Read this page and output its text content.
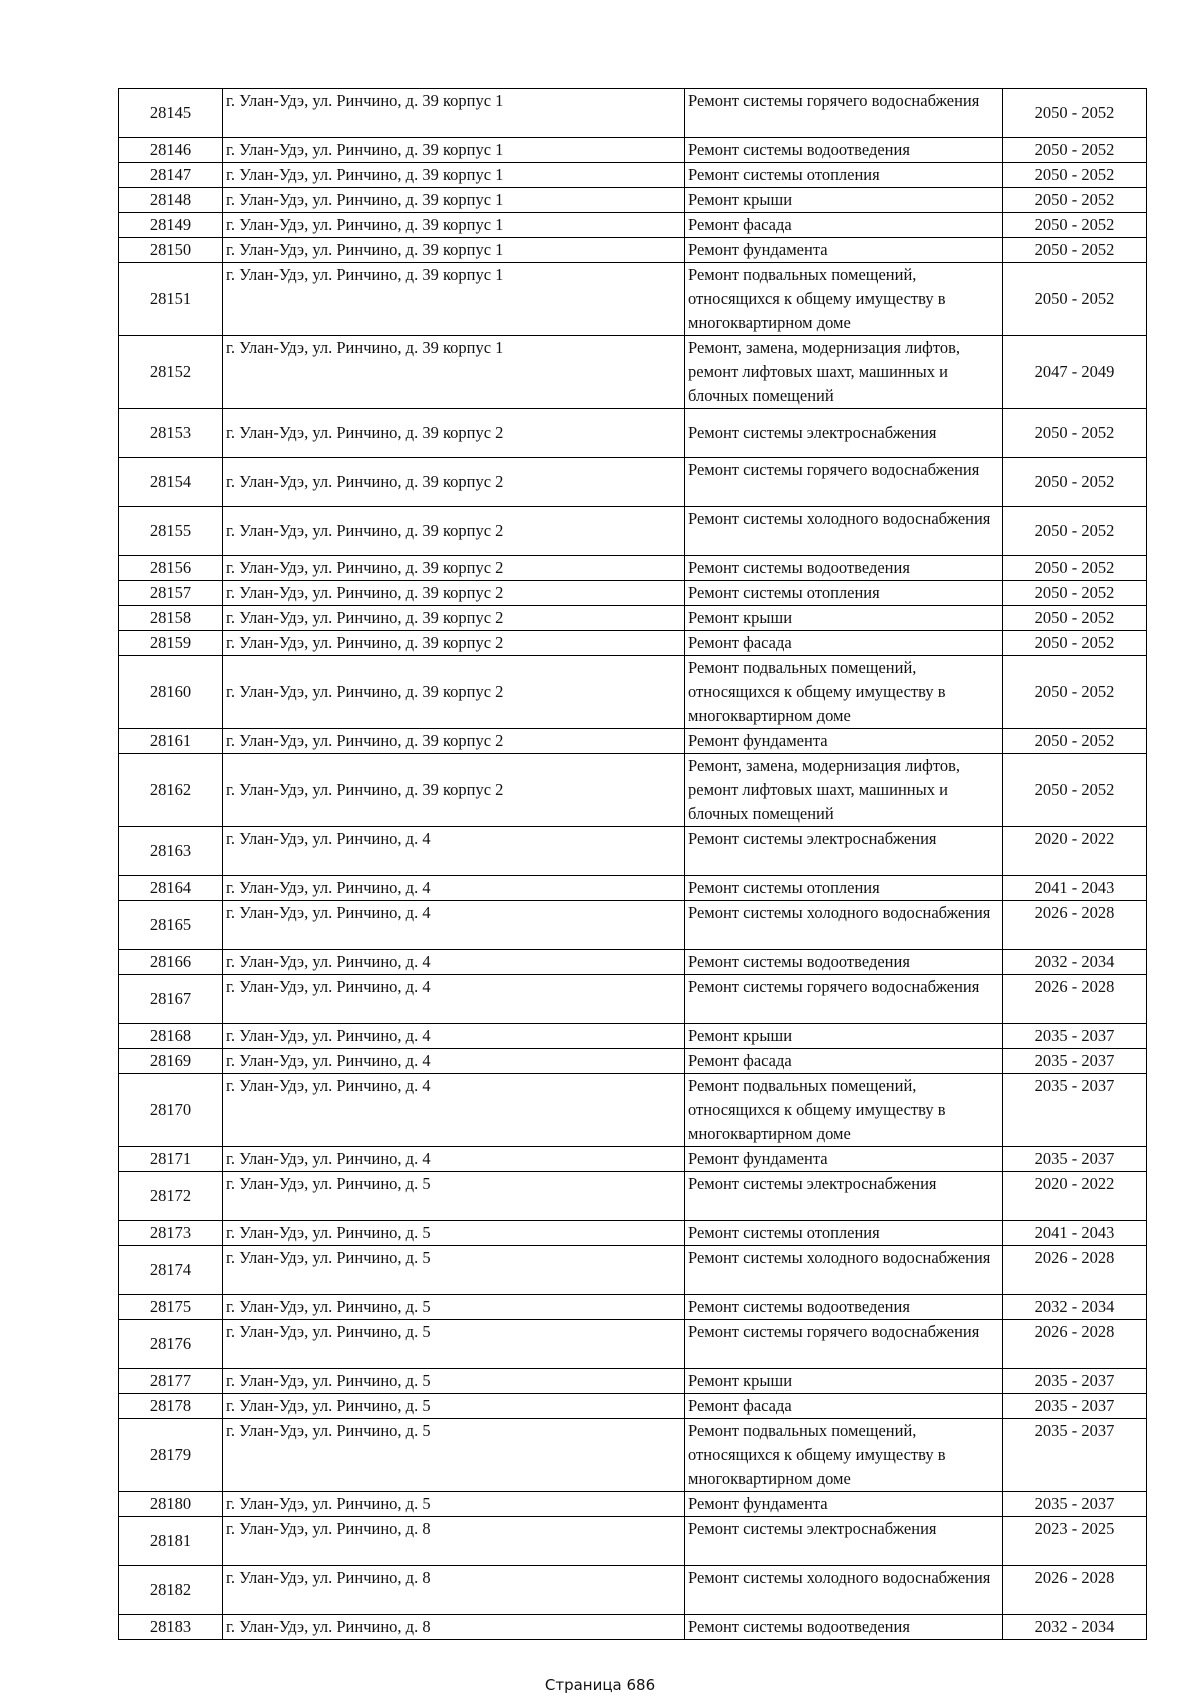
28145	г. Улан-Удэ, ул. Ринчино, д. 39 корпус 1	Ремонт системы горячего водоснабжения	2050 - 2052
28146	г. Улан-Удэ, ул. Ринчино, д. 39 корпус 1	Ремонт системы водоотведения	2050 - 2052
28147	г. Улан-Удэ, ул. Ринчино, д. 39 корпус 1	Ремонт системы отопления	2050 - 2052
28148	г. Улан-Удэ, ул. Ринчино, д. 39 корпус 1	Ремонт крыши	2050 - 2052
28149	г. Улан-Удэ, ул. Ринчино, д. 39 корпус 1	Ремонт фасада	2050 - 2052
28150	г. Улан-Удэ, ул. Ринчино, д. 39 корпус 1	Ремонт фундамента	2050 - 2052
28151	г. Улан-Удэ, ул. Ринчино, д. 39 корпус 1	Ремонт подвальных помещений, относящихся к общему имуществу в многоквартирном доме	2050 - 2052
28152	г. Улан-Удэ, ул. Ринчино, д. 39 корпус 1	Ремонт, замена, модернизация лифтов, ремонт лифтовых шахт, машинных и блочных помещений	2047 - 2049
28153	г. Улан-Удэ, ул. Ринчино, д. 39 корпус 2	Ремонт системы электроснабжения	2050 - 2052
28154	г. Улан-Удэ, ул. Ринчино, д. 39 корпус 2	Ремонт системы горячего водоснабжения	2050 - 2052
28155	г. Улан-Удэ, ул. Ринчино, д. 39 корпус 2	Ремонт системы холодного водоснабжения	2050 - 2052
28156	г. Улан-Удэ, ул. Ринчино, д. 39 корпус 2	Ремонт системы водоотведения	2050 - 2052
28157	г. Улан-Удэ, ул. Ринчино, д. 39 корпус 2	Ремонт системы отопления	2050 - 2052
28158	г. Улан-Удэ, ул. Ринчино, д. 39 корпус 2	Ремонт крыши	2050 - 2052
28159	г. Улан-Удэ, ул. Ринчино, д. 39 корпус 2	Ремонт фасада	2050 - 2052
28160	г. Улан-Удэ, ул. Ринчино, д. 39 корпус 2	Ремонт подвальных помещений, относящихся к общему имуществу в многоквартирном доме	2050 - 2052
28161	г. Улан-Удэ, ул. Ринчино, д. 39 корпус 2	Ремонт фундамента	2050 - 2052
28162	г. Улан-Удэ, ул. Ринчино, д. 39 корпус 2	Ремонт, замена, модернизация лифтов, ремонт лифтовых шахт, машинных и блочных помещений	2050 - 2052
28163	г. Улан-Удэ, ул. Ринчино, д. 4	Ремонт системы электроснабжения	2020 - 2022
28164	г. Улан-Удэ, ул. Ринчино, д. 4	Ремонт системы отопления	2041 - 2043
28165	г. Улан-Удэ, ул. Ринчино, д. 4	Ремонт системы холодного водоснабжения	2026 - 2028
28166	г. Улан-Удэ, ул. Ринчино, д. 4	Ремонт системы водоотведения	2032 - 2034
28167	г. Улан-Удэ, ул. Ринчино, д. 4	Ремонт системы горячего водоснабжения	2026 - 2028
28168	г. Улан-Удэ, ул. Ринчино, д. 4	Ремонт крыши	2035 - 2037
28169	г. Улан-Удэ, ул. Ринчино, д. 4	Ремонт фасада	2035 - 2037
28170	г. Улан-Удэ, ул. Ринчино, д. 4	Ремонт подвальных помещений, относящихся к общему имуществу в многоквартирном доме	2035 - 2037
28171	г. Улан-Удэ, ул. Ринчино, д. 4	Ремонт фундамента	2035 - 2037
28172	г. Улан-Удэ, ул. Ринчино, д. 5	Ремонт системы электроснабжения	2020 - 2022
28173	г. Улан-Удэ, ул. Ринчино, д. 5	Ремонт системы отопления	2041 - 2043
28174	г. Улан-Удэ, ул. Ринчино, д. 5	Ремонт системы холодного водоснабжения	2026 - 2028
28175	г. Улан-Удэ, ул. Ринчино, д. 5	Ремонт системы водоотведения	2032 - 2034
28176	г. Улан-Удэ, ул. Ринчино, д. 5	Ремонт системы горячего водоснабжения	2026 - 2028
28177	г. Улан-Удэ, ул. Ринчино, д. 5	Ремонт крыши	2035 - 2037
28178	г. Улан-Удэ, ул. Ринчино, д. 5	Ремонт фасада	2035 - 2037
28179	г. Улан-Удэ, ул. Ринчино, д. 5	Ремонт подвальных помещений, относящихся к общему имуществу в многоквартирном доме	2035 - 2037
28180	г. Улан-Удэ, ул. Ринчино, д. 5	Ремонт фундамента	2035 - 2037
28181	г. Улан-Удэ, ул. Ринчино, д. 8	Ремонт системы электроснабжения	2023 - 2025
28182	г. Улан-Удэ, ул. Ринчино, д. 8	Ремонт системы холодного водоснабжения	2026 - 2028
28183	г. Улан-Удэ, ул. Ринчино, д. 8	Ремонт системы водоотведения	2032 - 2034
Страница 686
